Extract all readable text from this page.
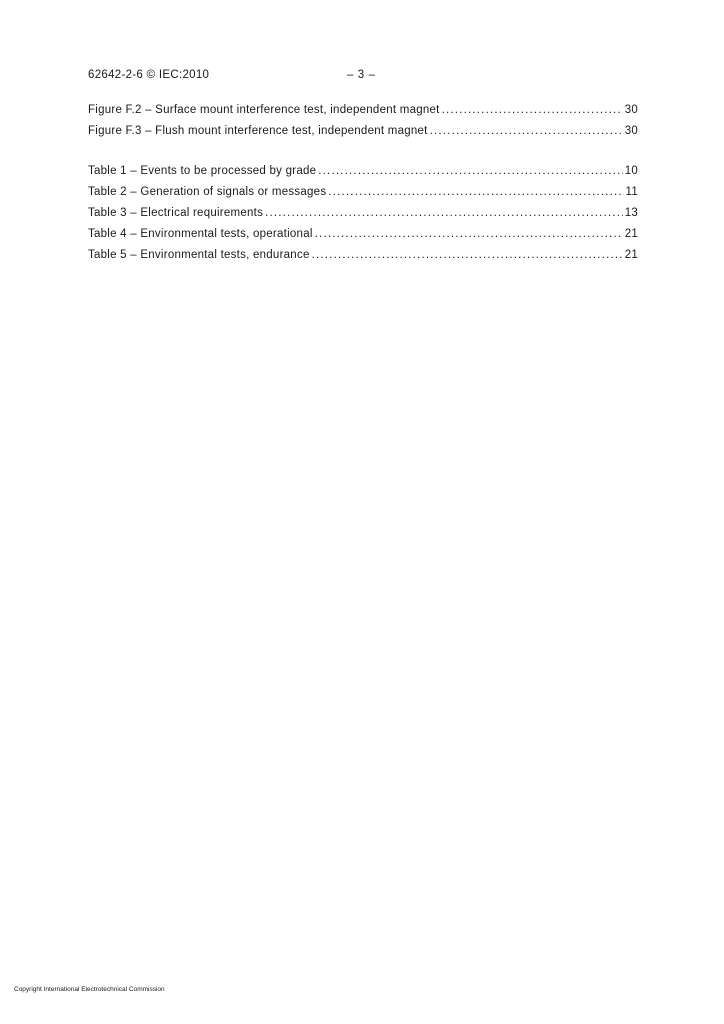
62642-2-6 © IEC:2010	– 3 –
Figure F.2 – Surface mount interference test, independent magnet .....	30
Figure F.3 – Flush mount interference test, independent magnet .....	30
Table 1 – Events to be processed by grade .....	10
Table 2 – Generation of signals or messages .....	11
Table 3 – Electrical requirements .....	13
Table 4 – Environmental tests, operational .....	21
Table 5 – Environmental tests, endurance .....	21
Copyright International Electrotechnical Commission
